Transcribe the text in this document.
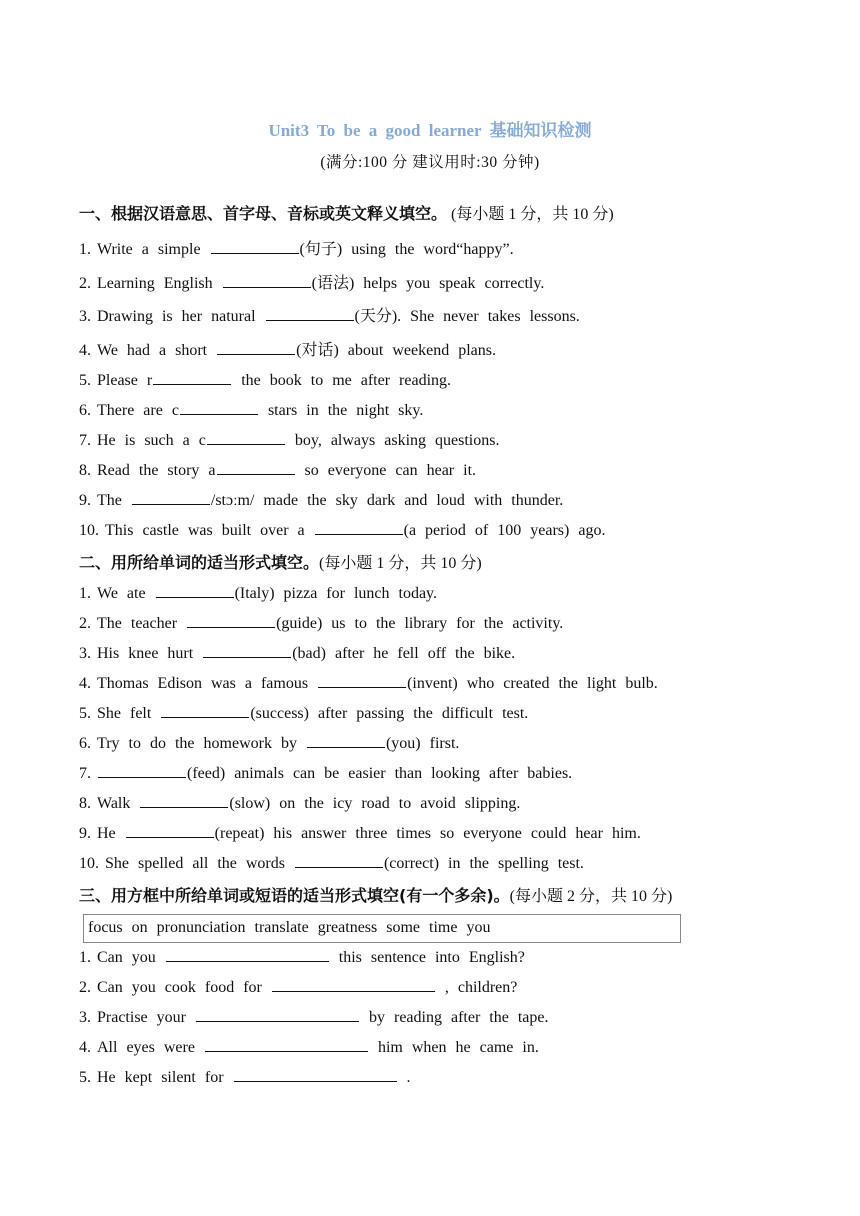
Unit3 To be a good learner 基础知识检测
(满分:100 分 建议用时:30 分钟)
一、根据汉语意思、首字母、音标或英文释义填空。 (每小题 1 分，共 10 分)
1. Write a simple	(句子) using the word“happy”.
2. Learning English	(语法) helps you speak correctly.
3. Drawing is her natural	(天分). She never takes lessons.
4. We had a short	(对话) about weekend plans.
5. Please r	the book to me after reading.
6. There are c	stars in the night sky.
7. He is such a c	boy, always asking questions.
8. Read the story a	so everyone can hear it.
9. The	/stɔːm/ made the sky dark and loud with thunder.
10. This castle was built over a	(a period of 100 years) ago.
二、用所给单词的适当形式填空。(每小题 1 分，共 10 分)
1. We ate	(Italy) pizza for lunch today.
2. The teacher	(guide) us to the library for the activity.
3. His knee hurt	(bad) after he fell off the bike.
4. Thomas Edison was a famous	(invent) who created the light bulb.
5. She felt	(success) after passing the difficult test.
6. Try to do the homework by	(you) first.
7.	(feed) animals can be easier than looking after babies.
8. Walk	(slow) on the icy road to avoid slipping.
9. He	(repeat) his answer three times so everyone could hear him.
10. She spelled all the words	(correct) in the spelling test.
三、用方框中所给单词或短语的适当形式填空(有一个多余)。(每小题 2 分，共 10 分)
focus on pronunciation translate greatness some time you
1. Can you	this sentence into English?
2. Can you cook food for	, children?
3. Practise your	by reading after the tape.
4. All eyes were	him when he came in.
5. He kept silent for	.
